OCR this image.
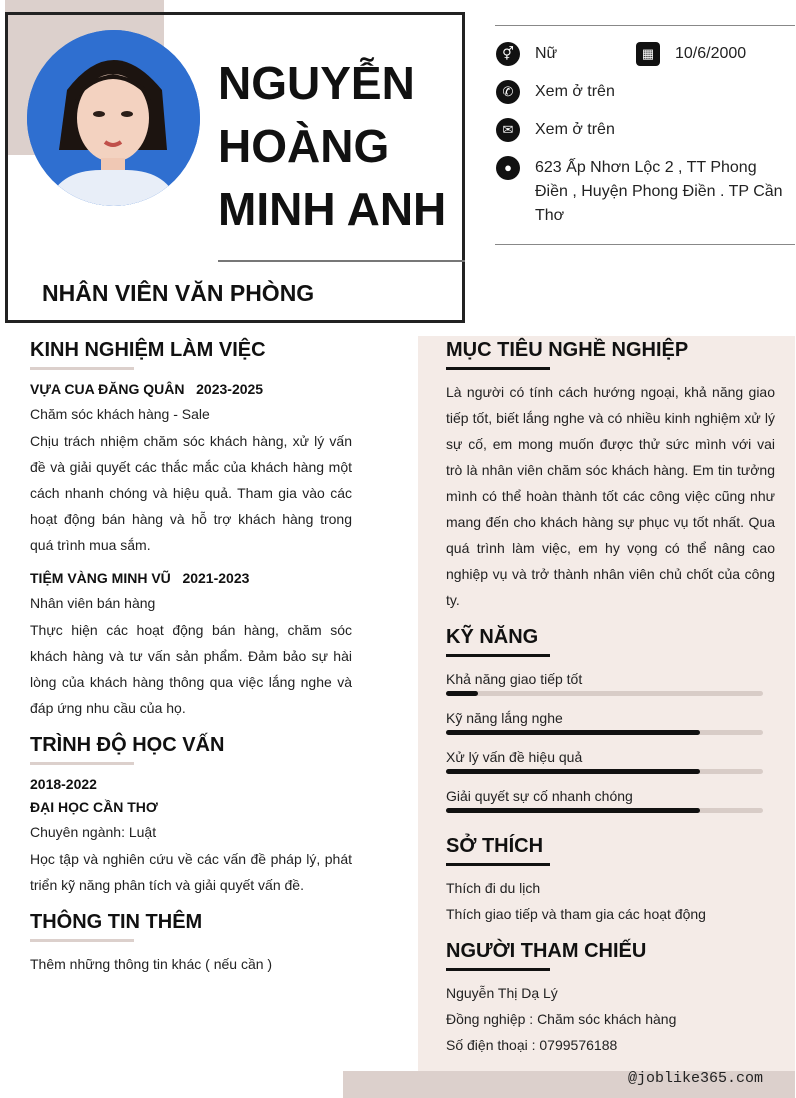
NGUYỄN
HOÀNG
MINH ANH
NHÂN VIÊN VĂN PHÒNG
⚥	Nữ	▦	10/6/2000
✆	Xem ở trên
✉	Xem ở trên
●	623 Ấp Nhơn Lộc 2 , TT Phong Điền , Huyện Phong Điền . TP Cần Thơ
KINH NGHIỆM LÀM VIỆC
VỰA CUA ĐĂNG QUÂN 2023-2025
Chăm sóc khách hàng - Sale
Chịu trách nhiệm chăm sóc khách hàng, xử lý vấn đề và giải quyết các thắc mắc của khách hàng một cách nhanh chóng và hiệu quả. Tham gia vào các hoạt động bán hàng và hỗ trợ khách hàng trong quá trình mua sắm.
TIỆM VÀNG MINH VŨ 2021-2023
Nhân viên bán hàng
Thực hiện các hoạt động bán hàng, chăm sóc khách hàng và tư vấn sản phẩm. Đảm bảo sự hài lòng của khách hàng thông qua việc lắng nghe và đáp ứng nhu cầu của họ.
TRÌNH ĐỘ HỌC VẤN
2018-2022
ĐẠI HỌC CẦN THƠ
Chuyên ngành: Luật
Học tập và nghiên cứu về các vấn đề pháp lý, phát triển kỹ năng phân tích và giải quyết vấn đề.
THÔNG TIN THÊM
Thêm những thông tin khác ( nếu cần )
MỤC TIÊU NGHỀ NGHIỆP
Là người có tính cách hướng ngoại, khả năng giao tiếp tốt, biết lắng nghe và có nhiều kinh nghiệm xử lý sự cố, em mong muốn được thử sức mình với vai trò là nhân viên chăm sóc khách hàng. Em tin tưởng mình có thể hoàn thành tốt các công việc cũng như mang đến cho khách hàng sự phục vụ tốt nhất. Qua quá trình làm việc, em hy vọng có thể nâng cao nghiệp vụ và trở thành nhân viên chủ chốt của công ty.
KỸ NĂNG
Khả năng giao tiếp tốt
Kỹ năng lắng nghe
Xử lý vấn đề hiệu quả
Giải quyết sự cố nhanh chóng
SỞ THÍCH
Thích đi du lịch
Thích giao tiếp và tham gia các hoạt động
NGƯỜI THAM CHIẾU
Nguyễn Thị Dạ Lý
Đồng nghiệp : Chăm sóc khách hàng
Số điện thoại : 0799576188
@joblike365.com
